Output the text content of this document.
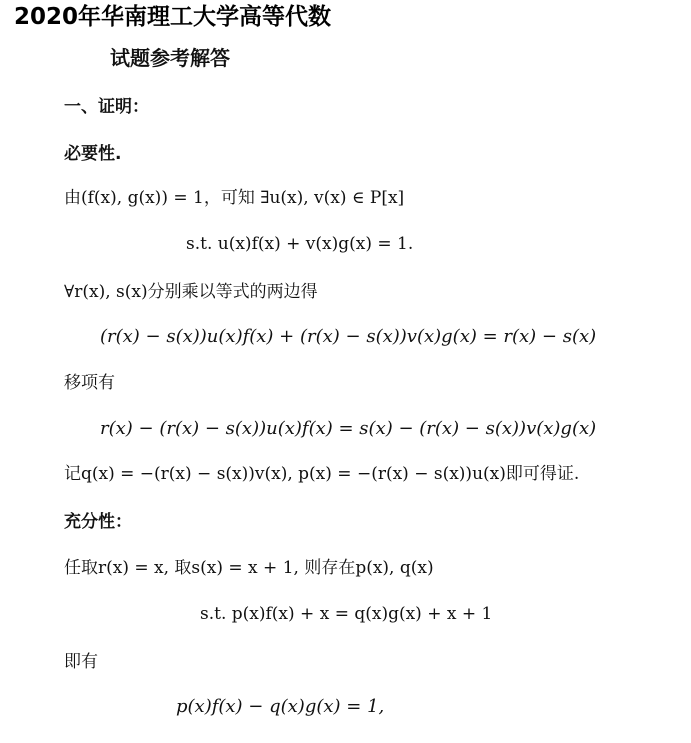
2020年华南理工大学高等代数
试题参考解答
一、证明：
必要性.
由(f(x), g(x)) = 1，可知 ∃u(x), v(x) ∈ P[x]
s.t. u(x)f(x) + v(x)g(x) = 1.
∀r(x), s(x)分别乘以等式的两边得
(r(x) − s(x))u(x)f(x) + (r(x) − s(x))v(x)g(x) = r(x) − s(x)
移项有
r(x) − (r(x) − s(x))u(x)f(x) = s(x) − (r(x) − s(x))v(x)g(x)
记q(x) = −(r(x) − s(x))v(x), p(x) = −(r(x) − s(x))u(x)即可得证.
充分性：
任取r(x) = x, 取s(x) = x + 1, 则存在p(x), q(x)
s.t. p(x)f(x) + x = q(x)g(x) + x + 1
即有
p(x)f(x) − q(x)g(x) = 1,
